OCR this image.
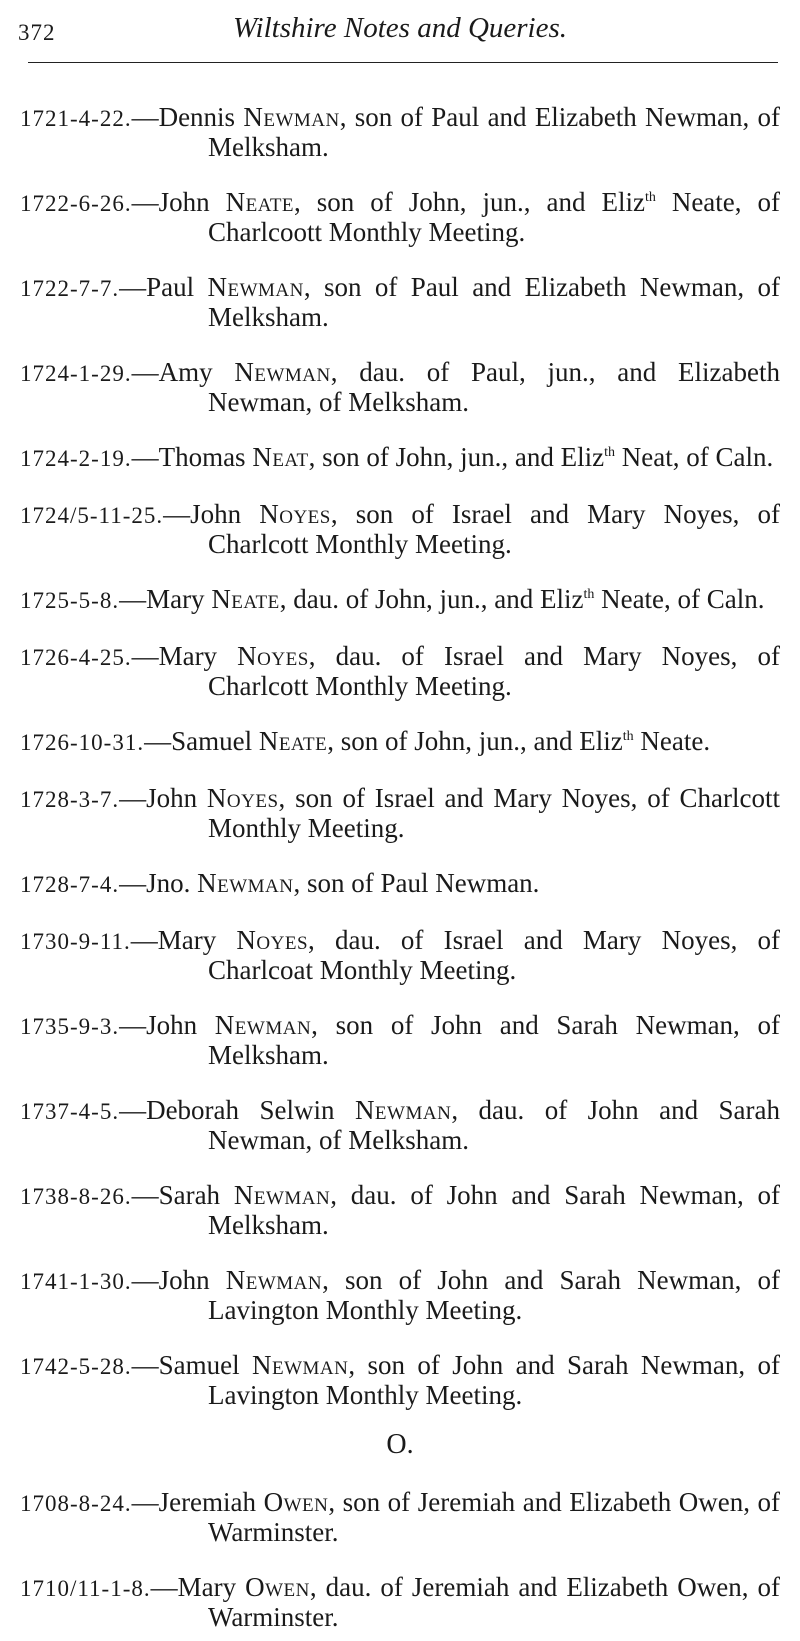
372	Wiltshire Notes and Queries.

1721-4-22.—Dennis Newman, son of Paul and Elizabeth Newman, of Melksham.

1722-6-26.—John Neate, son of John, jun., and Eliz$^{th}$ Neate, of Charlcoott Monthly Meeting.

1722-7-7.—Paul Newman, son of Paul and Elizabeth Newman, of Melksham.

1724-1-29.—Amy Newman, dau. of Paul, jun., and Elizabeth Newman, of Melksham.

1724-2-19.—Thomas Neat, son of John, jun., and Eliz$^{th}$ Neat, of Caln.

1724/5-11-25.—John Noyes, son of Israel and Mary Noyes, of Charlcott Monthly Meeting.

1725-5-8.—Mary Neate, dau. of John, jun., and Eliz$^{th}$ Neate, of Caln.

1726-4-25.—Mary Noyes, dau. of Israel and Mary Noyes, of Charlcott Monthly Meeting.

1726-10-31.—Samuel Neate, son of John, jun., and Eliz$^{th}$ Neate.

1728-3-7.—John Noyes, son of Israel and Mary Noyes, of Charlcott Monthly Meeting.

1728-7-4.—Jno. Newman, son of Paul Newman.

1730-9-11.—Mary Noyes, dau. of Israel and Mary Noyes, of Charlcoat Monthly Meeting.

1735-9-3.—John Newman, son of John and Sarah Newman, of Melksham.

1737-4-5.—Deborah Selwin Newman, dau. of John and Sarah Newman, of Melksham.

1738-8-26.—Sarah Newman, dau. of John and Sarah Newman, of Melksham.

1741-1-30.—John Newman, son of John and Sarah Newman, of Lavington Monthly Meeting.

1742-5-28.—Samuel Newman, son of John and Sarah Newman, of Lavington Monthly Meeting.

O.

1708-8-24.—Jeremiah Owen, son of Jeremiah and Elizabeth Owen, of Warminster.

1710/11-1-8.—Mary Owen, dau. of Jeremiah and Elizabeth Owen, of Warminster.
